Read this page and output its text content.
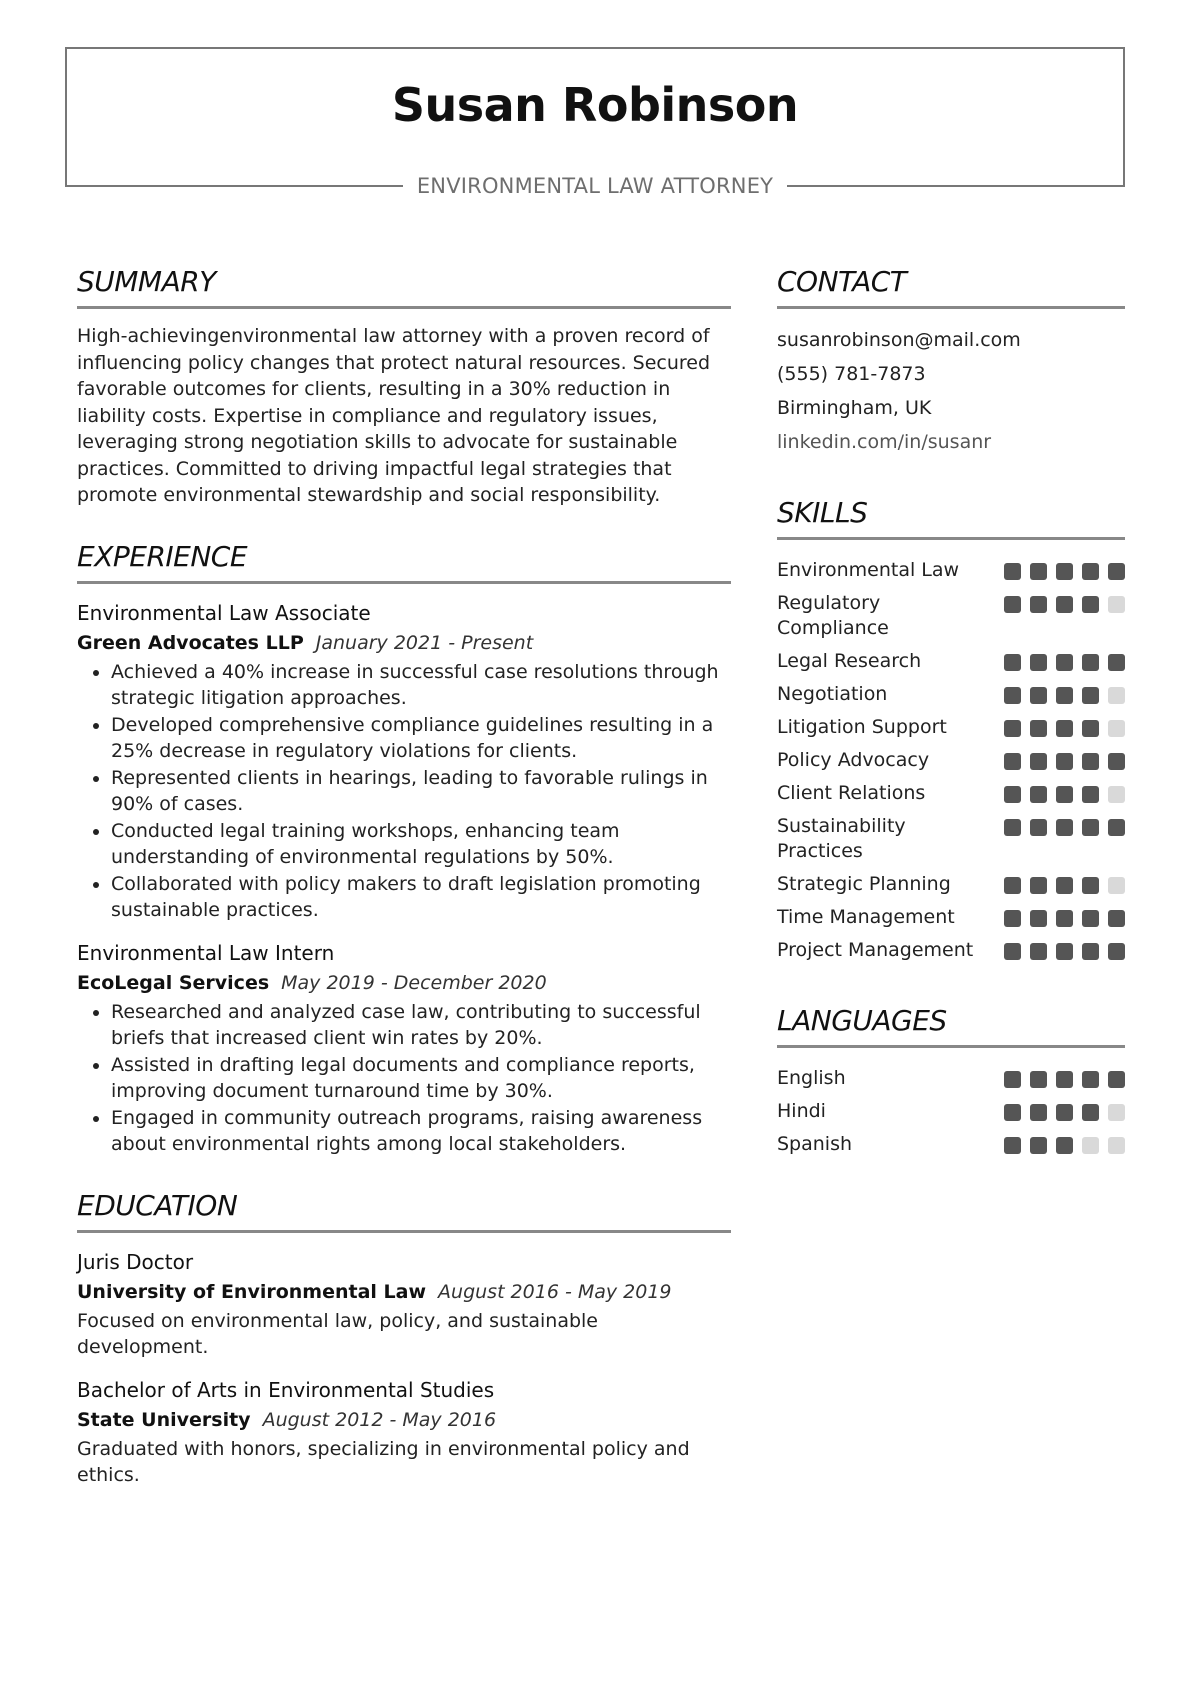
Susan Robinson
ENVIRONMENTAL LAW ATTORNEY
SUMMARY
High-achievingenvironmental law attorney with a proven record of influencing policy changes that protect natural resources. Secured favorable outcomes for clients, resulting in a 30% reduction in liability costs. Expertise in compliance and regulatory issues, leveraging strong negotiation skills to advocate for sustainable practices. Committed to driving impactful legal strategies that promote environmental stewardship and social responsibility.
EXPERIENCE
Environmental Law Associate
Green Advocates LLP January 2021 - Present
• Achieved a 40% increase in successful case resolutions through strategic litigation approaches.
• Developed comprehensive compliance guidelines resulting in a 25% decrease in regulatory violations for clients.
• Represented clients in hearings, leading to favorable rulings in 90% of cases.
• Conducted legal training workshops, enhancing team understanding of environmental regulations by 50%.
• Collaborated with policy makers to draft legislation promoting sustainable practices.
Environmental Law Intern
EcoLegal Services May 2019 - December 2020
• Researched and analyzed case law, contributing to successful briefs that increased client win rates by 20%.
• Assisted in drafting legal documents and compliance reports, improving document turnaround time by 30%.
• Engaged in community outreach programs, raising awareness about environmental rights among local stakeholders.
EDUCATION
Juris Doctor
University of Environmental Law August 2016 - May 2019
Focused on environmental law, policy, and sustainable development.
Bachelor of Arts in Environmental Studies
State University August 2012 - May 2016
Graduated with honors, specializing in environmental policy and ethics.
CONTACT
susanrobinson@mail.com
(555) 781-7873
Birmingham, UK
linkedin.com/in/susanr
SKILLS
Environmental Law
Regulatory Compliance
Legal Research
Negotiation
Litigation Support
Policy Advocacy
Client Relations
Sustainability Practices
Strategic Planning
Time Management
Project Management
LANGUAGES
English
Hindi
Spanish
